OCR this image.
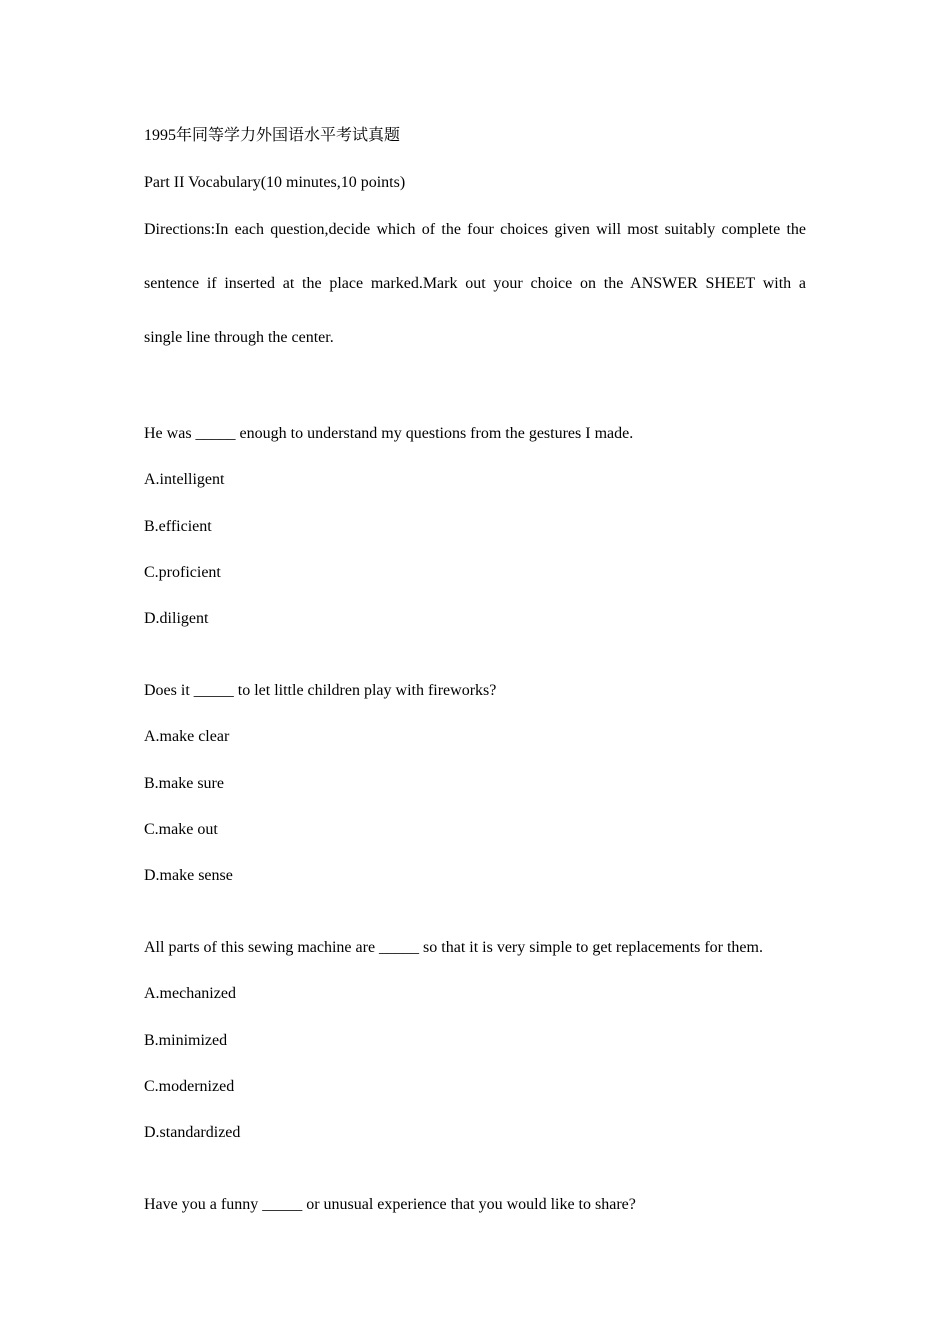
1995年同等学力外国语水平考试真题
Part II Vocabulary(10 minutes,10 points)
Directions:In each question,decide which of the four choices given will most suitably complete the
sentence if inserted at the place marked.Mark out your choice on the ANSWER SHEET with a
single line through the center.
He was _____ enough to understand my questions from the gestures I made.
A.intelligent
B.efficient
C.proficient
D.diligent
Does it _____ to let little children play with fireworks?
A.make clear
B.make sure
C.make out
D.make sense
All parts of this sewing machine are _____ so that it is very simple to get replacements for them.
A.mechanized
B.minimized
C.modernized
D.standardized
Have you a funny _____ or unusual experience that you would like to share?
